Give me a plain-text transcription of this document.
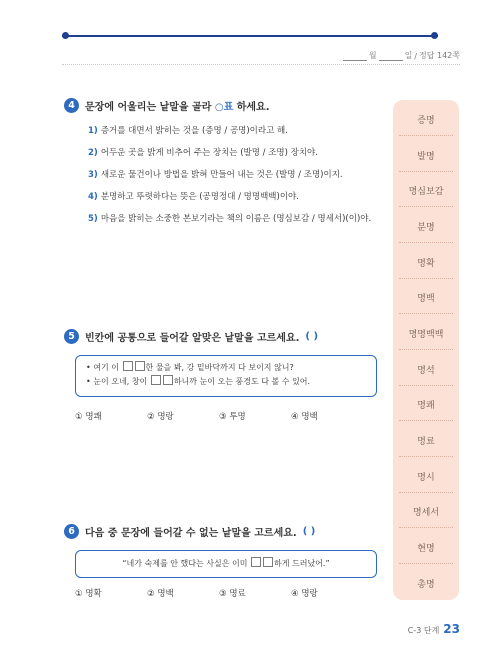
월	일 / 정답 142쪽
4	문장에 어울리는 낱말을 골라 ○표 하세요.
1) 증거를 대면서 밝히는 것을 (증명 / 공명)이라고 해.
2) 어두운 곳을 밝게 비추어 주는 장치는 (발명 / 조명) 장치야.
3) 새로운 물건이나 방법을 밝혀 만들어 내는 것은 (발명 / 조명)이지.
4) 분명하고 뚜렷하다는 뜻은 (공명정대 / 명명백백)이야.
5) 마음을 밝히는 소중한 본보기라는 책의 이름은 (명심보감 / 명세서)(이)야.
증명
발명
명심보감
분명
명확
명백
명명백백
명석
명쾌
명료
명시
명세서
현명
총명
5	빈칸에 공통으로 들어갈 알맞은 낱말을 고르세요. ( )
• 여기 이	한 물을 봐, 강 밑바닥까지 다 보이지 않니?
• 눈이 오네, 창이	하니까 눈이 오는 풍경도 다 볼 수 있어.
① 명쾌	② 명랑	③ 투명	④ 명백
6	다음 중 문장에 들어갈 수 없는 낱말을 고르세요. ( )
“네가 숙제를 안 했다는 사실은 이미	하게 드러났어.”
① 명확	② 명백	③ 명료	④ 명랑
C-3 단계 23
